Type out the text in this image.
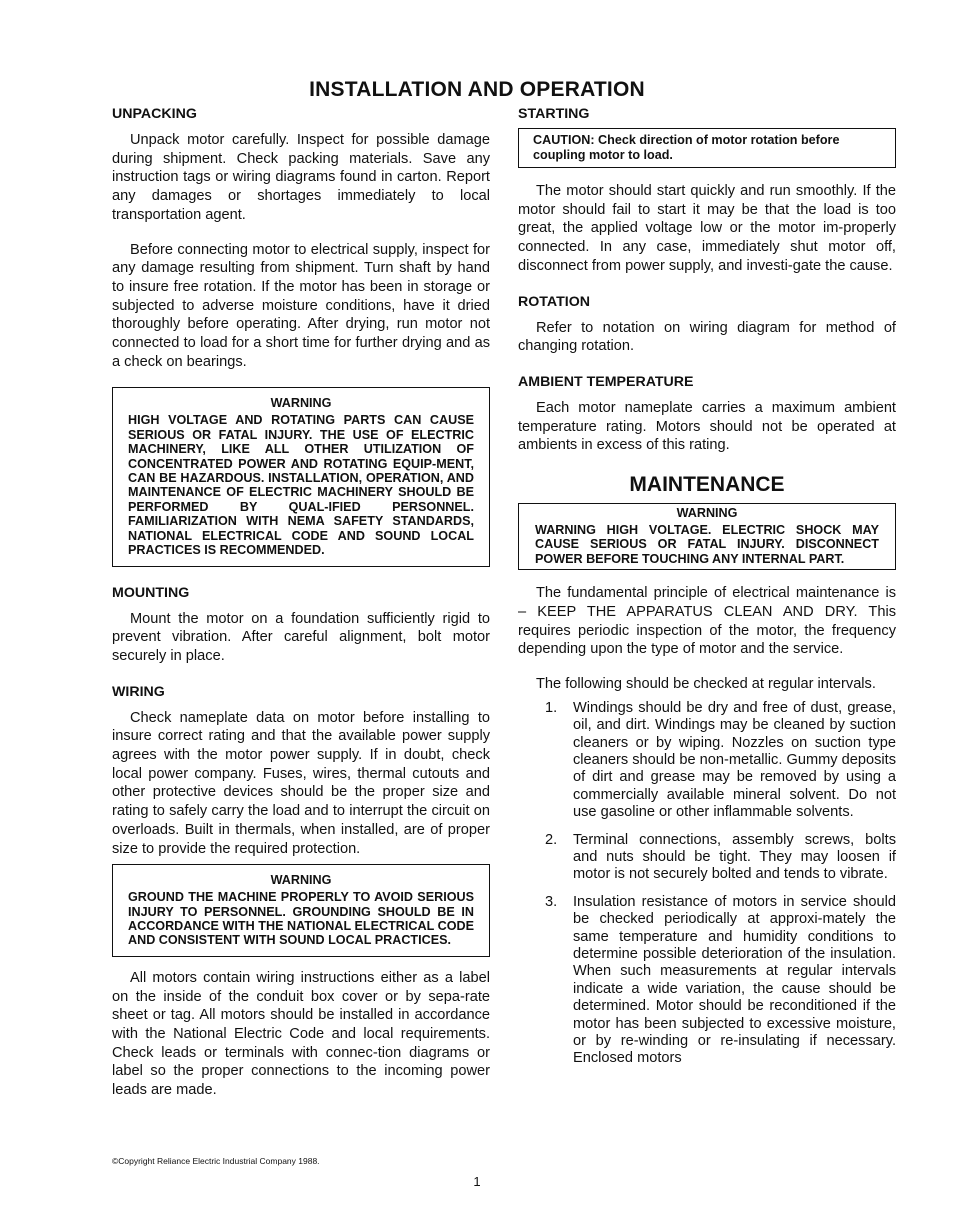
INSTALLATION AND OPERATION
UNPACKING

Unpack motor carefully. Inspect for possible damage during shipment. Check packing materials. Save any instruction tags or wiring diagrams found in carton. Report any damages or shortages immediately to local transportation agent.

Before connecting motor to electrical supply, inspect for any damage resulting from shipment. Turn shaft by hand to insure free rotation. If the motor has been in storage or subjected to adverse moisture conditions, have it dried thoroughly before operating. After drying, run motor not connected to load for a short time for further drying and as a check on bearings.

WARNING
HIGH VOLTAGE AND ROTATING PARTS CAN CAUSE SERIOUS OR FATAL INJURY. THE USE OF ELECTRIC MACHINERY, LIKE ALL OTHER UTILIZATION OF CONCENTRATED POWER AND ROTATING EQUIP-MENT, CAN BE HAZARDOUS. INSTALLATION, OPERATION, AND MAINTENANCE OF ELECTRIC MACHINERY SHOULD BE PERFORMED BY QUAL-IFIED PERSONNEL. FAMILIARIZATION WITH NEMA SAFETY STANDARDS, NATIONAL ELECTRICAL CODE AND SOUND LOCAL PRACTICES IS RECOMMENDED.
MOUNTING

Mount the motor on a foundation sufficiently rigid to prevent vibration. After careful alignment, bolt motor securely in place.

WIRING

Check nameplate data on motor before installing to insure correct rating and that the available power supply agrees with the motor power supply. If in doubt, check local power company. Fuses, wires, thermal cutouts and other protective devices should be the proper size and rating to safely carry the load and to interrupt the circuit on overloads. Built in thermals, when installed, are of proper size to provide the required protection.

WARNING
GROUND THE MACHINE PROPERLY TO AVOID SERIOUS INJURY TO PERSONNEL. GROUNDING SHOULD BE IN ACCORDANCE WITH THE NATIONAL ELECTRICAL CODE AND CONSISTENT WITH SOUND LOCAL PRACTICES.

All motors contain wiring instructions either as a label on the inside of the conduit box cover or by sepa-rate sheet or tag. All motors should be installed in accordance with the National Electric Code and local requirements. Check leads or terminals with connec-tion diagrams or label so the proper connections to the incoming power leads are made.

STARTING
CAUTION: Check direction of motor rotation before coupling motor to load.

The motor should start quickly and run smoothly. If the motor should fail to start it may be that the load is too great, the applied voltage low or the motor im-properly connected. In any case, immediately shut motor off, disconnect from power supply, and investi-gate the cause.

ROTATION

Refer to notation on wiring diagram for method of changing rotation.

AMBIENT TEMPERATURE

Each motor nameplate carries a maximum ambient temperature rating. Motors should not be operated at ambients in excess of this rating.

MAINTENANCE
WARNING
WARNING HIGH VOLTAGE. ELECTRIC SHOCK MAY CAUSE SERIOUS OR FATAL INJURY. DISCONNECT POWER BEFORE TOUCHING ANY INTERNAL PART.

The fundamental principle of electrical maintenance is – KEEP THE APPARATUS CLEAN AND DRY. This requires periodic inspection of the motor, the frequency depending upon the type of motor and the service.

The following should be checked at regular intervals.

1. Windings should be dry and free of dust, grease, oil, and dirt. Windings may be cleaned by suction cleaners or by wiping. Nozzles on suction type cleaners should be non-metallic. Gummy deposits of dirt and grease may be removed by using a commercially available mineral solvent. Do not use gasoline or other inflammable solvents.
2. Terminal connections, assembly screws, bolts and nuts should be tight. They may loosen if motor is not securely bolted and tends to vibrate.
3. Insulation resistance of motors in service should be checked periodically at approxi-mately the same temperature and humidity conditions to determine possible deterioration of the insulation. When such measurements at regular intervals indicate a wide variation, the cause should be determined. Motor should be reconditioned if the motor has been subjected to excessive moisture, or by re-winding or re-insulating if necessary. Enclosed motors
©Copyright Reliance Electric Industrial Company 1988.
1
